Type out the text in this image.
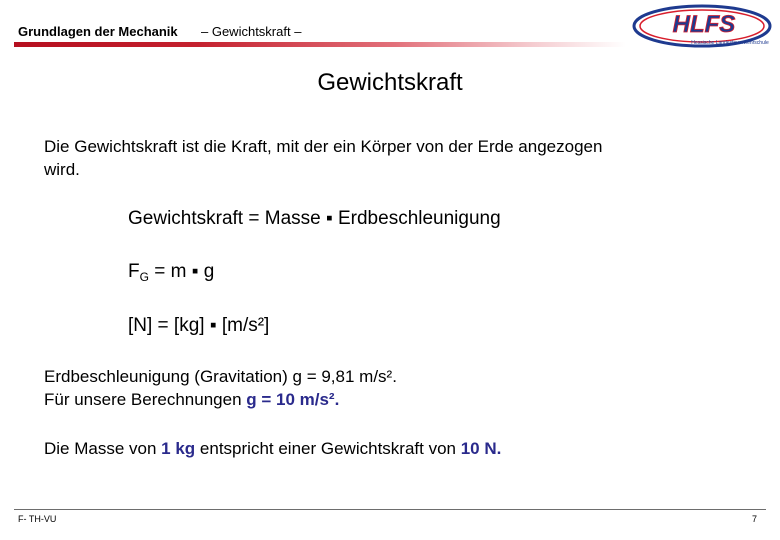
Grundlagen der Mechanik – Gewichtskraft –	HLFS
Hessische Landesfeuerwehrschule
Gewichtskraft
Die Gewichtskraft ist die Kraft, mit der ein Körper von der Erde angezogen
wird.
Gewichtskraft = Masse ▪ Erdbeschleunigung
$F_G = m$ ▪ g
[N] = [kg] ▪ [m/s²]
Erdbeschleunigung (Gravitation) g = 9,81 m/s².
Für unsere Berechnungen g = 10 m/s².
Die Masse von 1 kg entspricht einer Gewichtskraft von 10 N.
F- TH-VU	7
